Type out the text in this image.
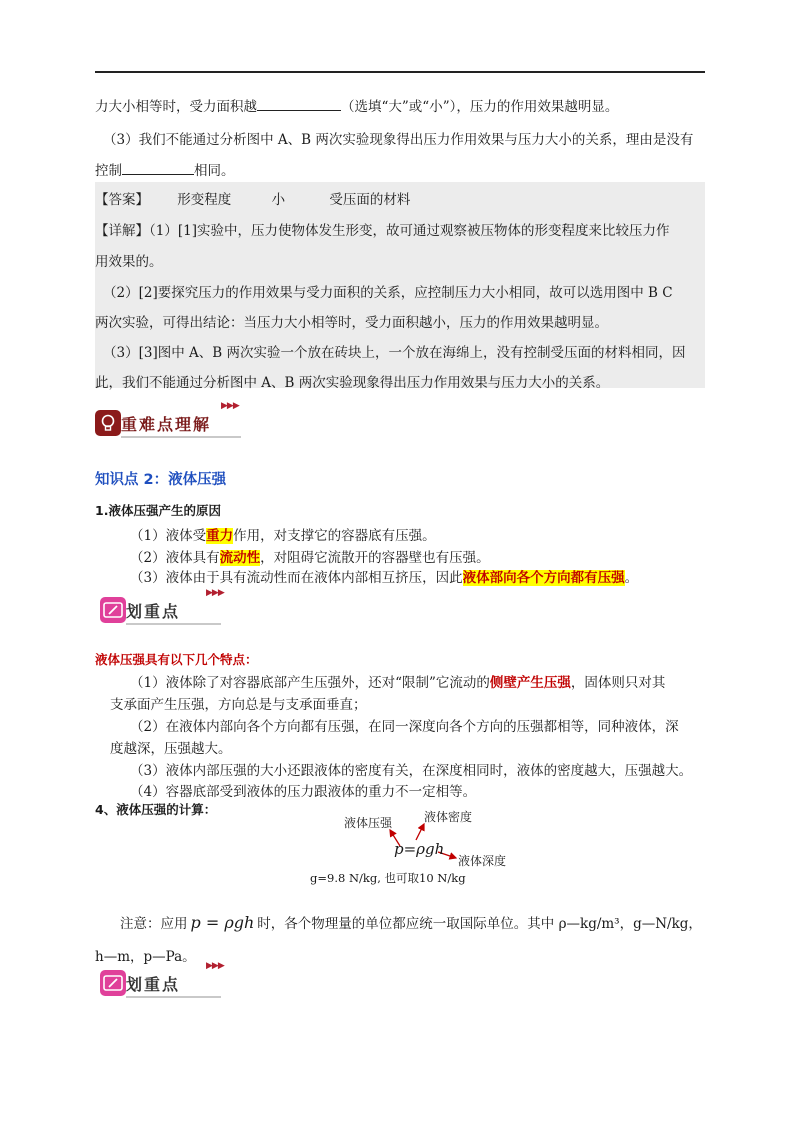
力大小相等时，受力面积越	（选填“大”或“小”），压力的作用效果越明显。
（3）我们不能通过分析图中 A、B 两次实验现象得出压力作用效果与压力大小的关系，理由是没有
控制	相同。
【答案】 形变程度	小	受压面的材料
【详解】（1）[1]实验中，压力使物体发生形变，故可通过观察被压物体的形变程度来比较压力作
用效果的。
（2）[2]要探究压力的作用效果与受力面积的关系，应控制压力大小相同，故可以选用图中 B C
两次实验，可得出结论：当压力大小相等时，受力面积越小，压力的作用效果越明显。
（3）[3]图中 A、B 两次实验一个放在砖块上，一个放在海绵上，没有控制受压面的材料相同，因
此，我们不能通过分析图中 A、B 两次实验现象得出压力作用效果与压力大小的关系。
重难点理解
▶▶▶
知识点 2：液体压强
1.液体压强产生的原因
（1）液体受重力作用，对支撑它的容器底有压强。
（2）液体具有流动性，对阻碍它流散开的容器壁也有压强。
（3）液体由于具有流动性而在液体内部相互挤压，因此液体部向各个方向都有压强。
划重点
▶▶▶
液体压强具有以下几个特点：
（1）液体除了对容器底部产生压强外，还对“限制”它流动的侧壁产生压强，固体则只对其
支承面产生压强，方向总是与支承面垂直；
（2）在液体内部向各个方向都有压强，在同一深度向各个方向的压强都相等，同种液体，深
度越深，压强越大。
（3）液体内部压强的大小还跟液体的密度有关，在深度相同时，液体的密度越大，压强越大。
（4）容器底部受到液体的压力跟液体的重力不一定相等。
4、液体压强的计算：
液体压强	液体密度
液体深度
p=ρgh
g=9.8 N/kg, 也可取10 N/kg
注意：应用 p = ρgh 时，各个物理量的单位都应统一取国际单位。其中 ρ—kg/m³，g—N/kg，
h—m，p—Pa。
划重点
▶▶▶
